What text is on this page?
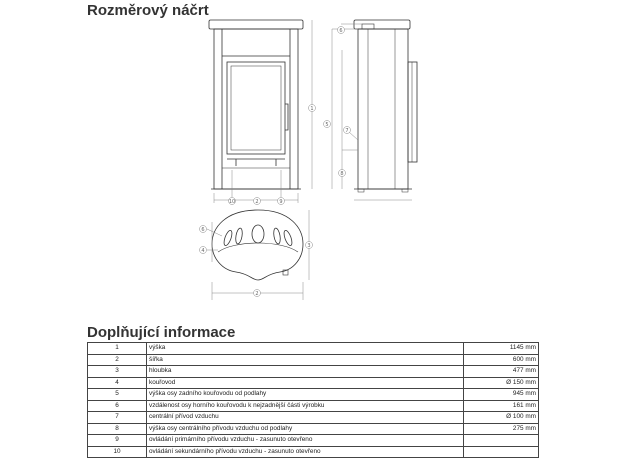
Rozměrový náčrt
10	2	9
1
6
5
7
8
6
4
3
2
Doplňující informace
1	výška	1145 mm
2	šířka	600 mm
3	hloubka	477 mm
4	kouřovod	Ø 150 mm
5	výška osy zadního kouřovodu od podlahy	945 mm
6	vzdálenost osy horního kouřovodu k nejzadnější části výrobku	161 mm
7	centrální přívod vzduchu	Ø 100 mm
8	výška osy centrálního přívodu vzduchu od podlahy	275 mm
9	ovládání primárního přívodu vzduchu - zasunuto otevřeno	
10	ovládání sekundárního přívodu vzduchu - zasunuto otevřeno	
